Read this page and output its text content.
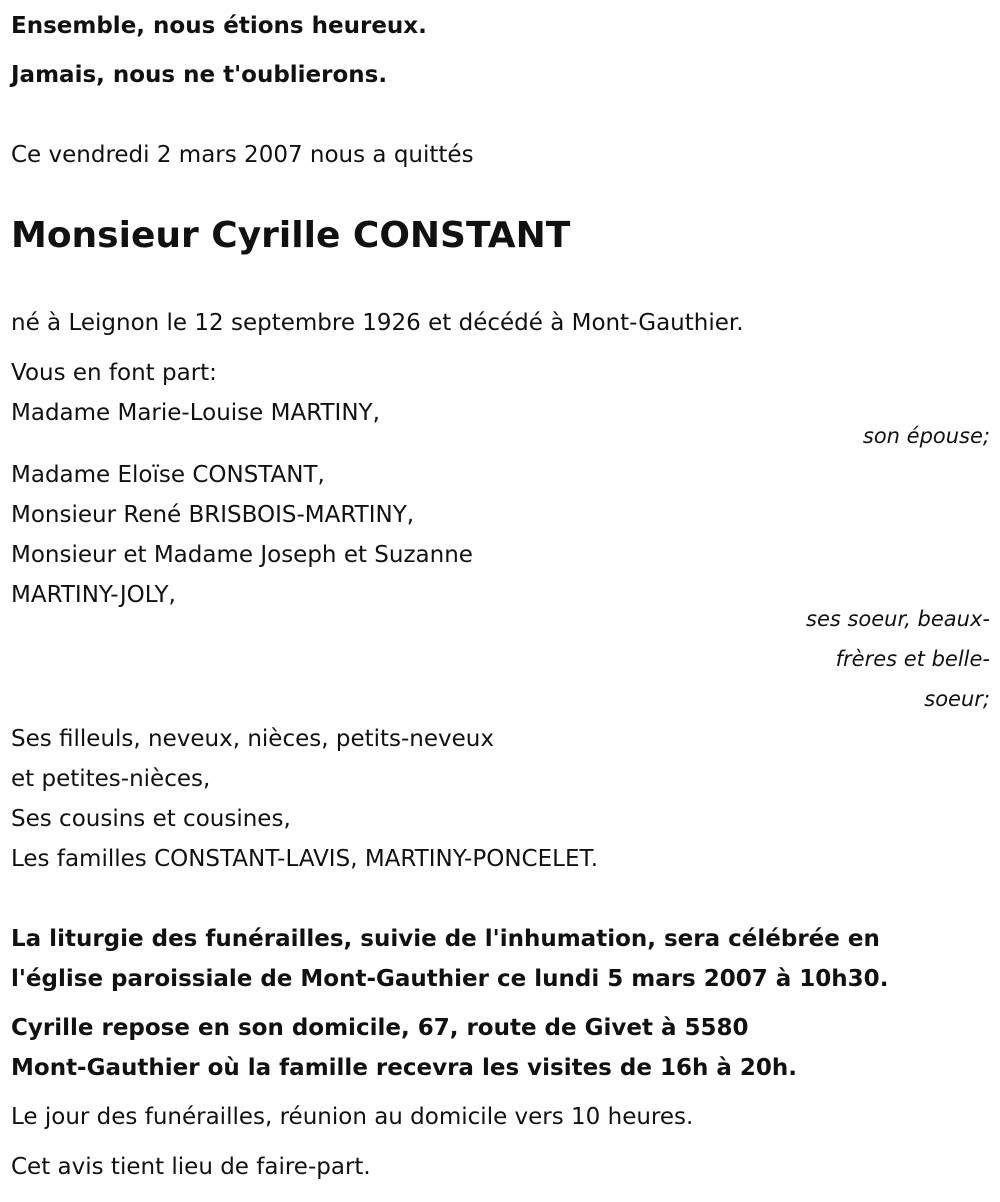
Ensemble, nous étions heureux.
Jamais, nous ne t'oublierons.
Ce vendredi 2 mars 2007 nous a quittés
Monsieur Cyrille CONSTANT
né à Leignon le 12 septembre 1926 et décédé à Mont-Gauthier.
Vous en font part:
Madame Marie-Louise MARTINY,
son épouse;
Madame Eloïse CONSTANT,
Monsieur René BRISBOIS-MARTINY,
Monsieur et Madame Joseph et Suzanne
MARTINY-JOLY,
ses soeur, beaux-
frères et belle-
soeur;
Ses filleuls, neveux, nièces, petits-neveux
et petites-nièces,
Ses cousins et cousines,
Les familles CONSTANT-LAVIS, MARTINY-PONCELET.
La liturgie des funérailles, suivie de l'inhumation, sera célébrée en
l'église paroissiale de Mont-Gauthier ce lundi 5 mars 2007 à 10h30.
Cyrille repose en son domicile, 67, route de Givet à 5580
Mont-Gauthier où la famille recevra les visites de 16h à 20h.
Le jour des funérailles, réunion au domicile vers 10 heures.
Cet avis tient lieu de faire-part.
